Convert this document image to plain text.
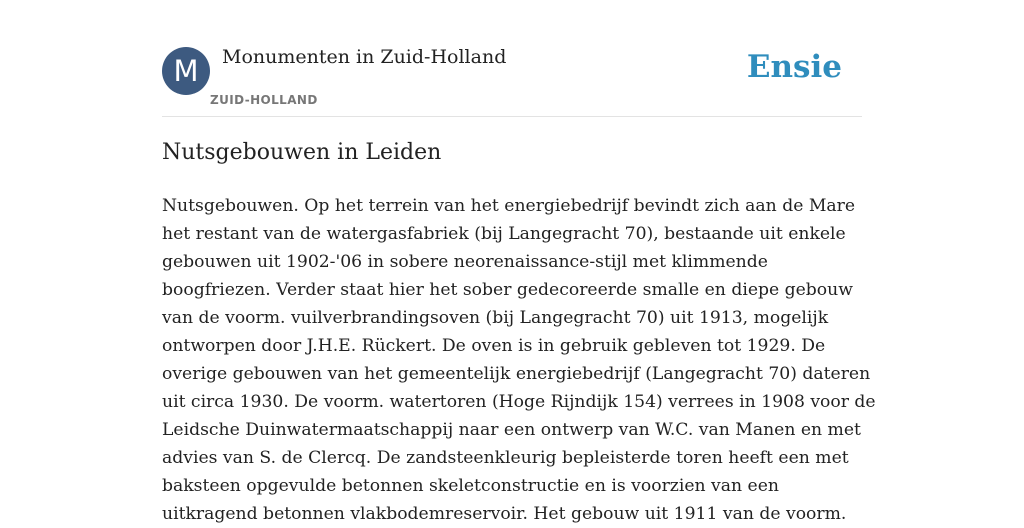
M	Monumenten in Zuid-Holland
ZUID-HOLLAND
Ensie
Nutsgebouwen in Leiden
Nutsgebouwen. Op het terrein van het energiebedrijf bevindt zich aan de Mare
het restant van de watergasfabriek (bij Langegracht 70), bestaande uit enkele
gebouwen uit 1902-'06 in sobere neorenaissance-stijl met klimmende
boogfriezen. Verder staat hier het sober gedecoreerde smalle en diepe gebouw
van de voorm. vuilverbrandingsoven (bij Langegracht 70) uit 1913, mogelijk
ontworpen door J.H.E. Rückert. De oven is in gebruik gebleven tot 1929. De
overige gebouwen van het gemeentelijk energiebedrijf (Langegracht 70) dateren
uit circa 1930. De voorm. watertoren (Hoge Rijndijk 154) verrees in 1908 voor de
Leidsche Duinwatermaatschappij naar een ontwerp van W.C. van Manen en met
advies van S. de Clercq. De zandsteenkleurig bepleisterde toren heeft een met
baksteen opgevulde betonnen skeletconstructie en is voorzien van een
uitkragend betonnen vlakbodemreservoir. Het gebouw uit 1911 van de voorm.
